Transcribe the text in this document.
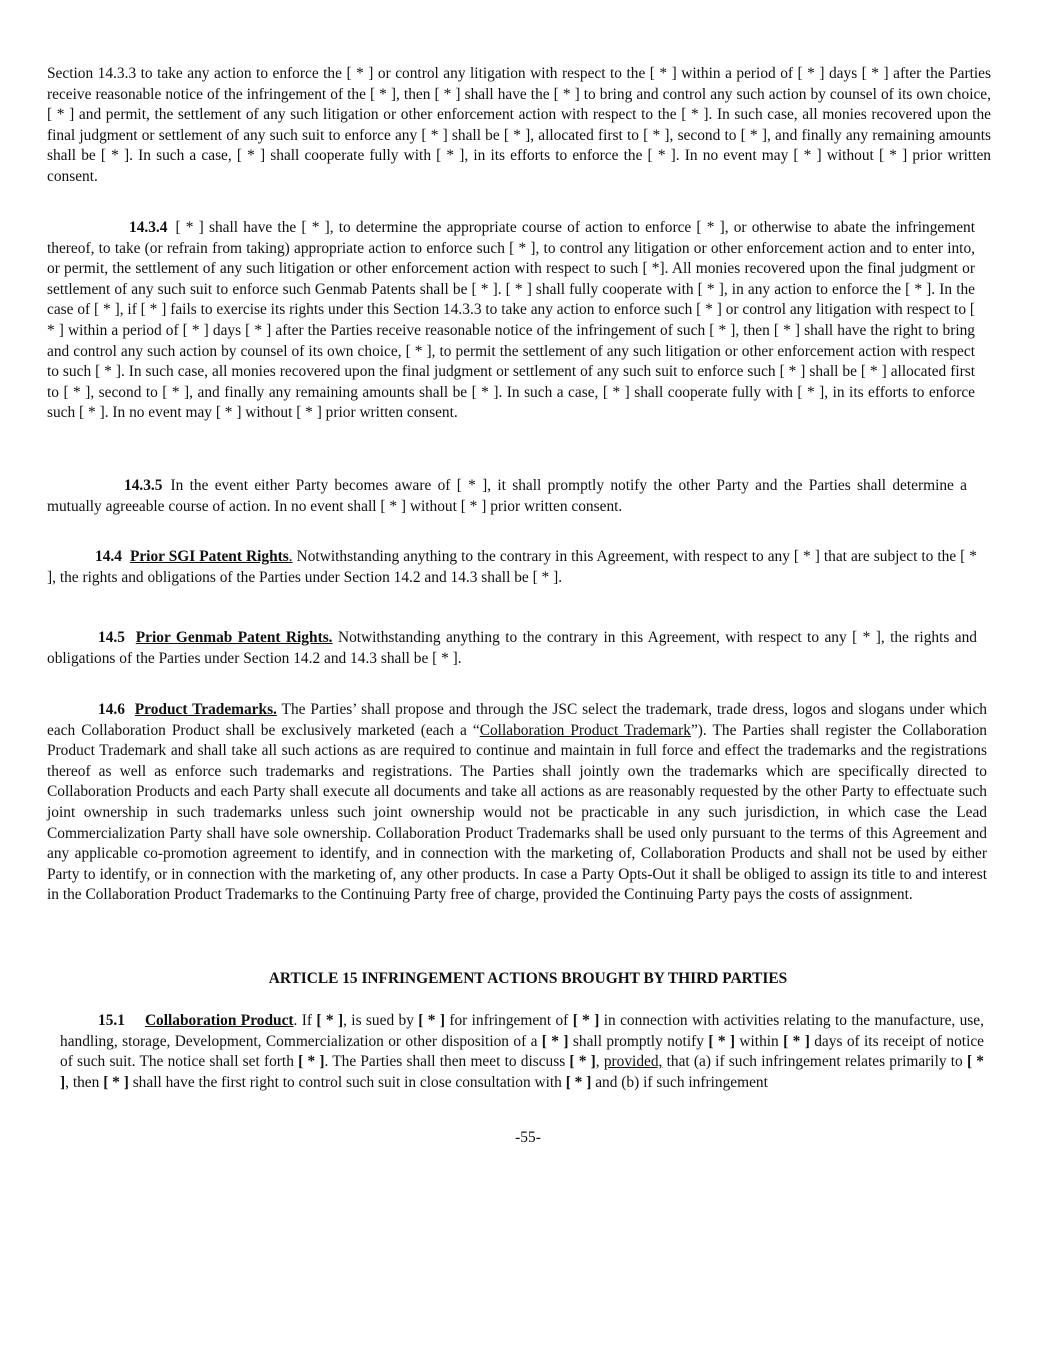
Section 14.3.3 to take any action to enforce the [ * ] or control any litigation with respect to the [ * ] within a period of [ * ] days [ * ] after the Parties receive reasonable notice of the infringement of the [ * ], then [ * ] shall have the [ * ] to bring and control any such action by counsel of its own choice, [ * ] and permit, the settlement of any such litigation or other enforcement action with respect to the [ * ]. In such case, all monies recovered upon the final judgment or settlement of any such suit to enforce any [ * ] shall be [ * ], allocated first to [ * ], second to [ * ], and finally any remaining amounts shall be [ * ]. In such a case, [ * ] shall cooperate fully with [ * ], in its efforts to enforce the [ * ]. In no event may [ * ] without [ * ] prior written consent.

14.3.4 [ * ] shall have the [ * ], to determine the appropriate course of action to enforce [ * ], or otherwise to abate the infringement thereof, to take (or refrain from taking) appropriate action to enforce such [ * ], to control any litigation or other enforcement action and to enter into, or permit, the settlement of any such litigation or other enforcement action with respect to such [ *]. All monies recovered upon the final judgment or settlement of any such suit to enforce such Genmab Patents shall be [ * ]. [ * ] shall fully cooperate with [ * ], in any action to enforce the [ * ]. In the case of [ * ], if [ * ] fails to exercise its rights under this Section 14.3.3 to take any action to enforce such [ * ] or control any litigation with respect to [ * ] within a period of [ * ] days [ * ] after the Parties receive reasonable notice of the infringement of such [ * ], then [ * ] shall have the right to bring and control any such action by counsel of its own choice, [ * ], to permit the settlement of any such litigation or other enforcement action with respect to such [ * ]. In such case, all monies recovered upon the final judgment or settlement of any such suit to enforce such [ * ] shall be [ * ] allocated first to [ * ], second to [ * ], and finally any remaining amounts shall be [ * ]. In such a case, [ * ] shall cooperate fully with [ * ], in its efforts to enforce such [ * ]. In no event may [ * ] without [ * ] prior written consent.

14.3.5 In the event either Party becomes aware of [ * ], it shall promptly notify the other Party and the Parties shall determine a mutually agreeable course of action. In no event shall [ * ] without [ * ] prior written consent.

14.4 Prior SGI Patent Rights. Notwithstanding anything to the contrary in this Agreement, with respect to any [ * ] that are subject to the [ * ], the rights and obligations of the Parties under Section 14.2 and 14.3 shall be [ * ].

14.5 Prior Genmab Patent Rights. Notwithstanding anything to the contrary in this Agreement, with respect to any [ * ], the rights and obligations of the Parties under Section 14.2 and 14.3 shall be [ * ].

14.6 Product Trademarks. The Parties’ shall propose and through the JSC select the trademark, trade dress, logos and slogans under which each Collaboration Product shall be exclusively marketed (each a “Collaboration Product Trademark”). The Parties shall register the Collaboration Product Trademark and shall take all such actions as are required to continue and maintain in full force and effect the trademarks and the registrations thereof as well as enforce such trademarks and registrations. The Parties shall jointly own the trademarks which are specifically directed to Collaboration Products and each Party shall execute all documents and take all actions as are reasonably requested by the other Party to effectuate such joint ownership in such trademarks unless such joint ownership would not be practicable in any such jurisdiction, in which case the Lead Commercialization Party shall have sole ownership. Collaboration Product Trademarks shall be used only pursuant to the terms of this Agreement and any applicable co-promotion agreement to identify, and in connection with the marketing of, Collaboration Products and shall not be used by either Party to identify, or in connection with the marketing of, any other products. In case a Party Opts-Out it shall be obliged to assign its title to and interest in the Collaboration Product Trademarks to the Continuing Party free of charge, provided the Continuing Party pays the costs of assignment.

ARTICLE 15 INFRINGEMENT ACTIONS BROUGHT BY THIRD PARTIES

15.1 Collaboration Product. If [ * ], is sued by [ * ] for infringement of [ * ] in connection with activities relating to the manufacture, use, handling, storage, Development, Commercialization or other disposition of a [ * ] shall promptly notify [ * ] within [ * ] days of its receipt of notice of such suit. The notice shall set forth [ * ]. The Parties shall then meet to discuss [ * ], provided, that (a) if such infringement relates primarily to [ * ], then [ * ] shall have the first right to control such suit in close consultation with [ * ] and (b) if such infringement

-55-
